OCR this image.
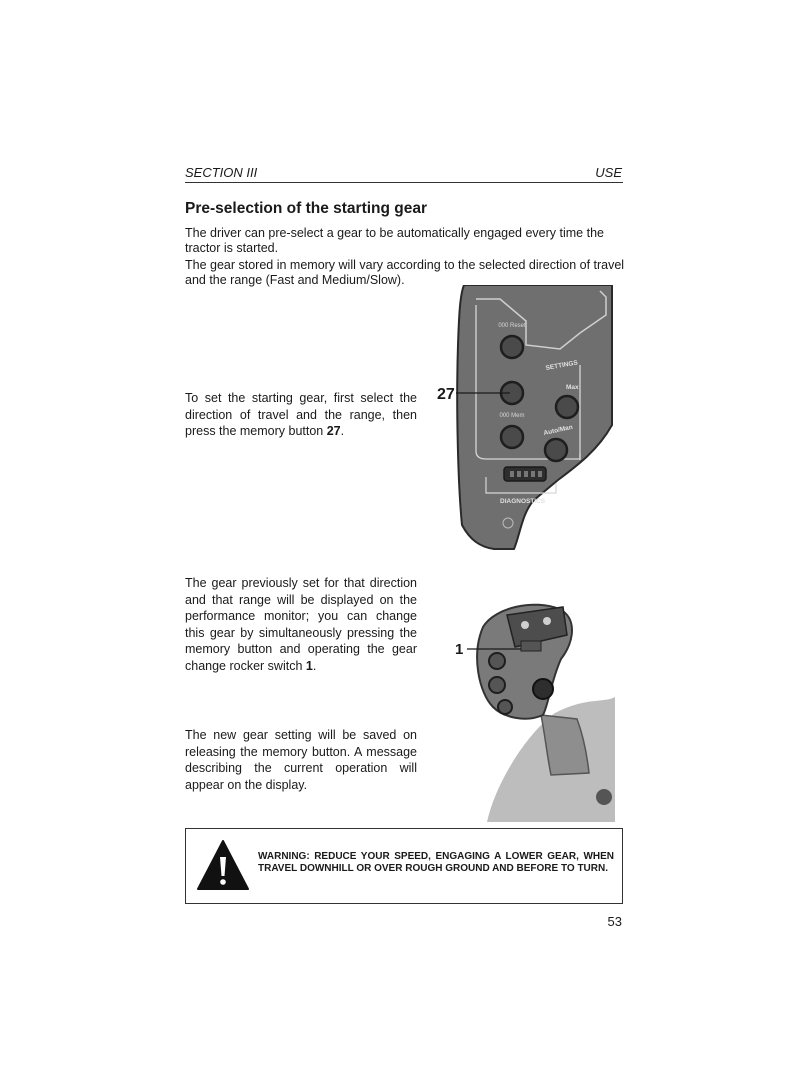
SECTION III	USE
Pre-selection of the starting gear
The driver can pre-select a gear to be automatically engaged every time the tractor is started.
The gear stored in memory will vary according to the selected direction of travel and the range (Fast and Medium/Slow).
To set the starting gear, first select the direction of travel and the range, then press the memory button 27.
The gear previously set for that direction and that range will be displayed on the performance monitor; you can change this gear by simultaneously pressing the memory button and operating the gear change rocker switch 1.
The new gear setting will be saved on releasing the memory button. A message describing the current operation will appear on the display.
000 Reset
000 Mem
SETTINGS
Max
Auto/Man
DIAGNOSTICS
27
1
WARNING: REDUCE YOUR SPEED, ENGAGING A LOWER GEAR, WHEN TRAVEL DOWNHILL OR OVER ROUGH GROUND AND BEFORE TO TURN.
53
